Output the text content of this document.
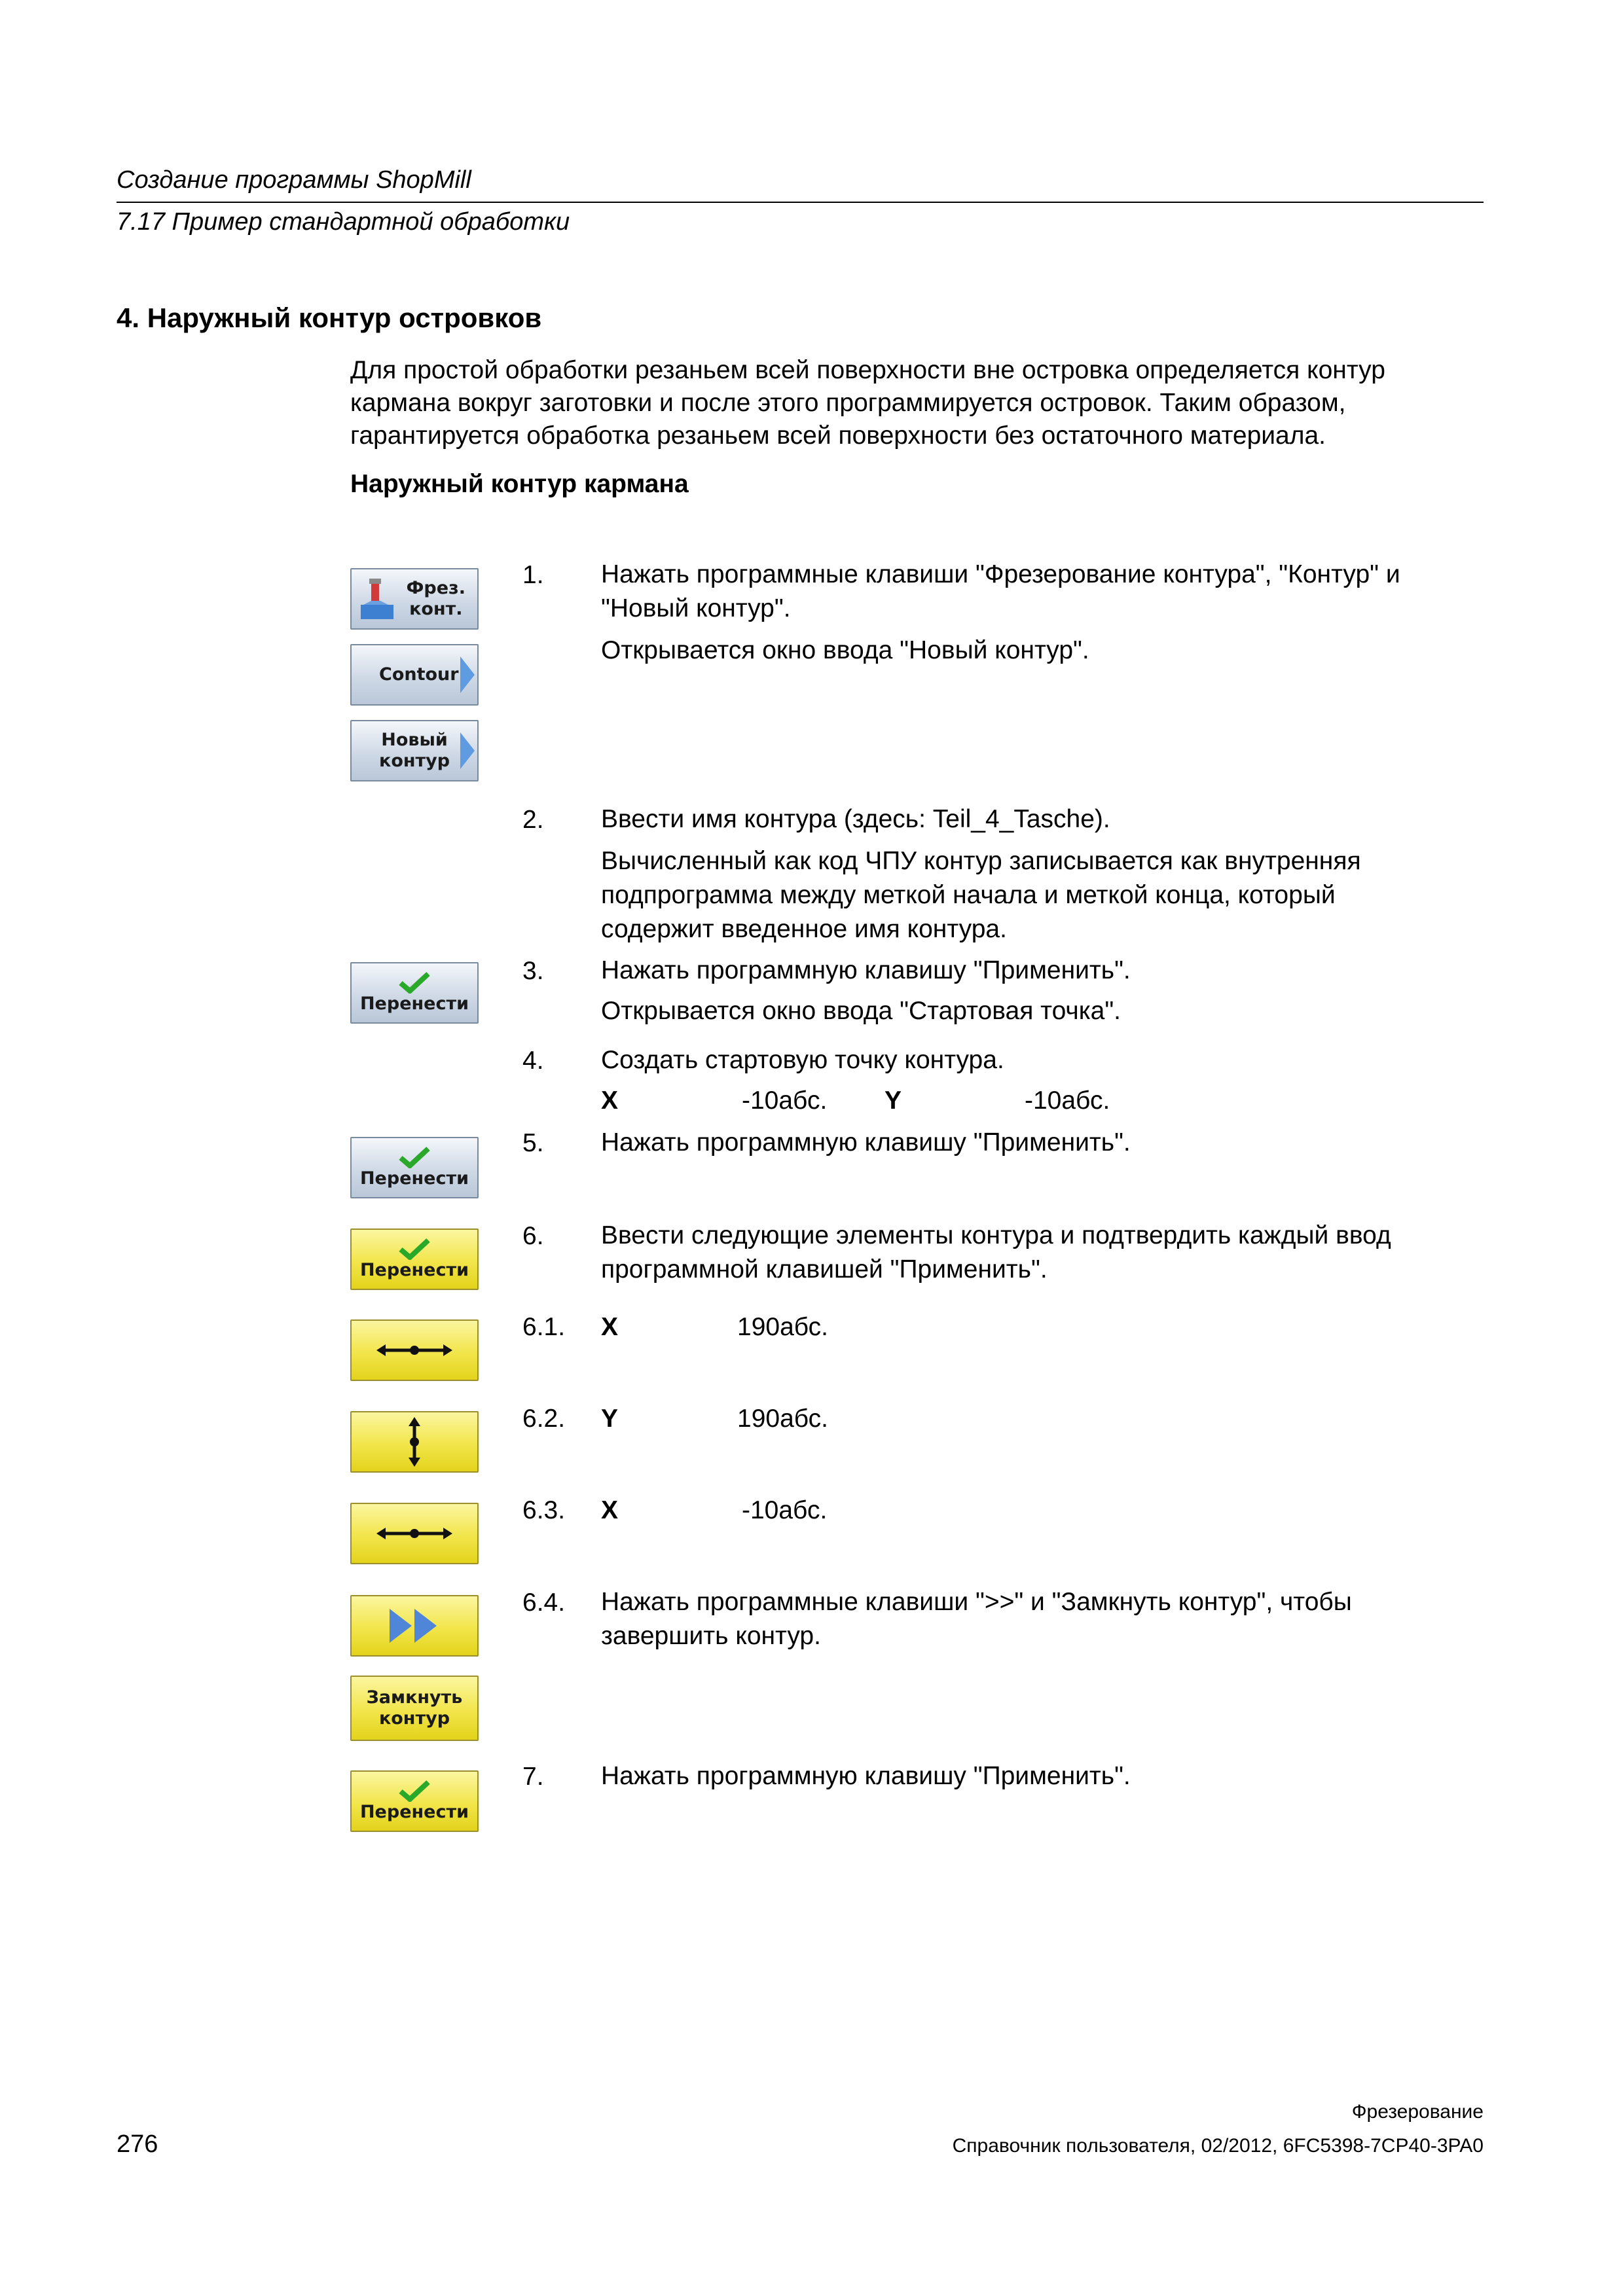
Создание программы ShopMill
7.17 Пример стандартной обработки
4. Наружный контур островков
Для простой обработки резаньем всей поверхности вне островка определяется контур
кармана вокруг заготовки и после этого программируется островок. Таким образом,
гарантируется обработка резаньем всей поверхности без остаточного материала.
Наружный контур кармана
Фрез.
конт.
Contour
Новый
контур
Перенести
Перенести
Перенести
Замкнуть
контур
Перенести
1. Нажать программные клавиши "Фрезерование контура", "Контур" и
"Новый контур".
Открывается окно ввода "Новый контур".
2. Ввести имя контура (здесь: Teil_4_Tasche).
Вычисленный как код ЧПУ контур записывается как внутренняя
подпрограмма между меткой начала и меткой конца, который
содержит введенное имя контура.
3. Нажать программную клавишу "Применить".
Открывается окно ввода "Стартовая точка".
4. Создать стартовую точку контура.
X	-10абс. Y	-10абс.
5. Нажать программную клавишу "Применить".
6. Ввести следующие элементы контура и подтвердить каждый ввод
программной клавишей "Применить".
6.1. X	190абс.
6.2. Y	190абс.
6.3. X	-10абс.
6.4. Нажать программные клавиши ">>" и "Замкнуть контур", чтобы
завершить контур.
7. Нажать программную клавишу "Применить".
Фрезерование
Справочник пользователя, 02/2012, 6FC5398-7CP40-3PA0
276
